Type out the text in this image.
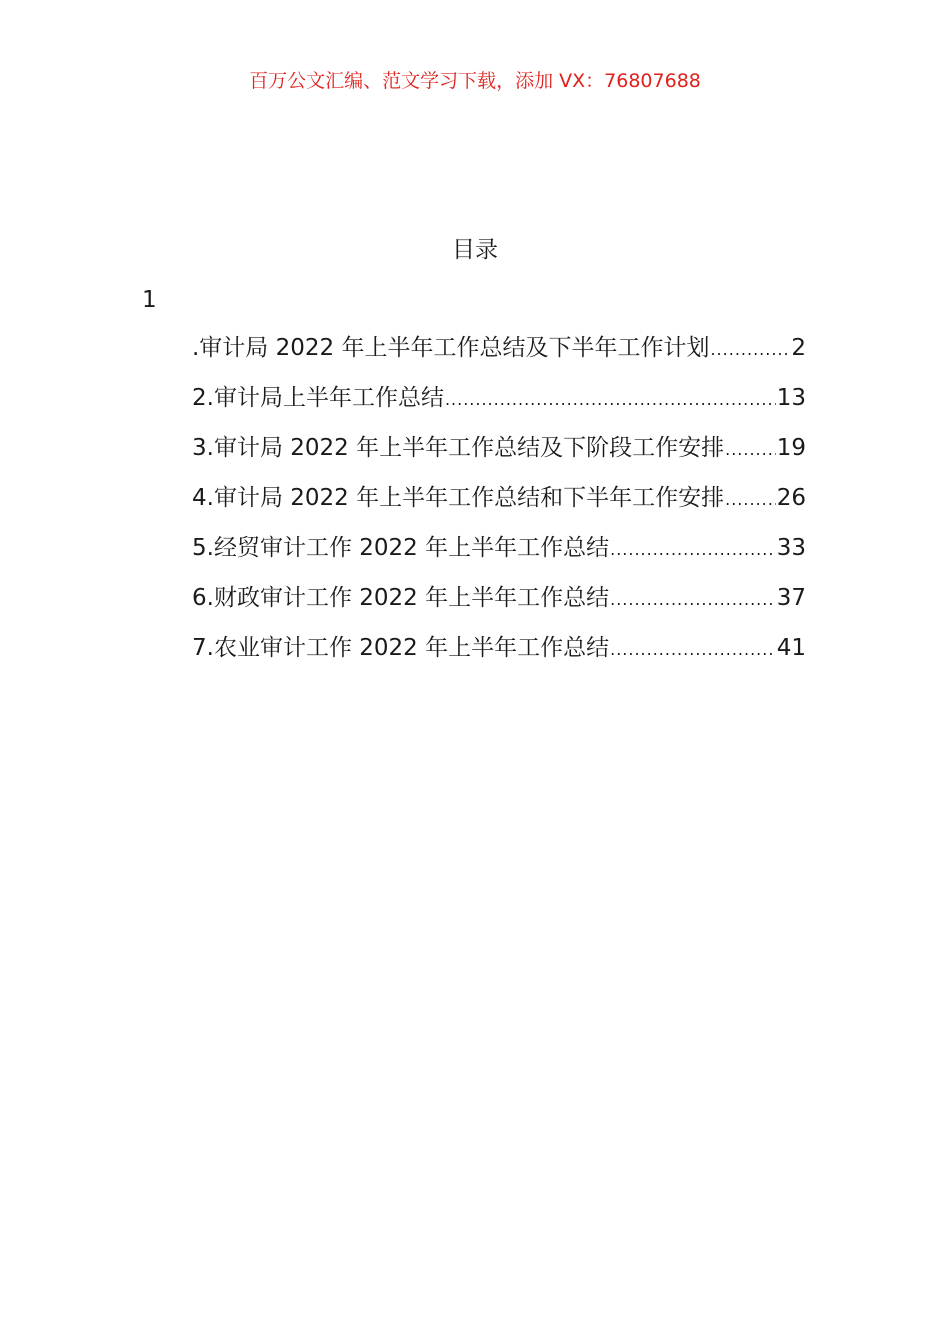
百万公文汇编、范文学习下载，添加 VX：76807688
目录
1
.审计局 2022 年上半年工作总结及下半年工作计划 .....	2
2.审计局上半年工作总结 .....	13
3.审计局 2022 年上半年工作总结及下阶段工作安排 ..... 19
4.审计局 2022 年上半年工作总结和下半年工作安排 ..... 26
5.经贸审计工作 2022 年上半年工作总结 .....	33
6.财政审计工作 2022 年上半年工作总结 .....	37
7.农业审计工作 2022 年上半年工作总结 .....	41
